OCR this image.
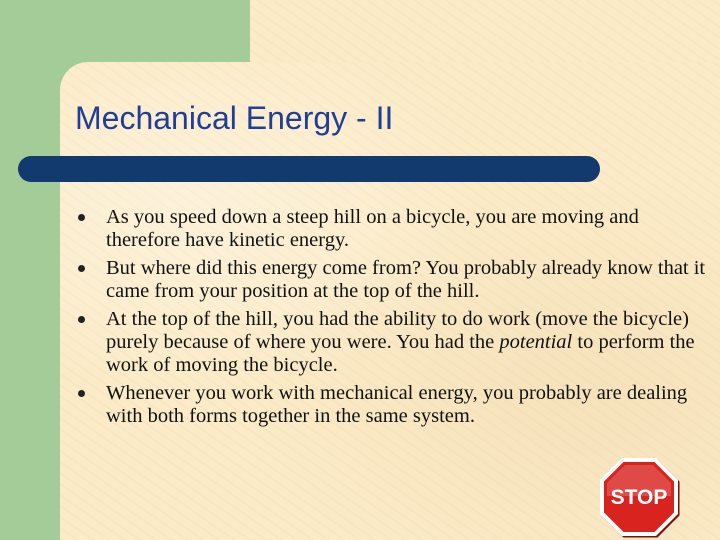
Mechanical Energy - II
As you speed down a steep hill on a bicycle, you are moving and therefore have kinetic energy.
But where did this energy come from? You probably already know that it came from your position at the top of the hill.
At the top of the hill, you had the ability to do work (move the bicycle) purely because of where you were. You had the potential to perform the work of moving the bicycle.
Whenever you work with mechanical energy, you probably are dealing with both forms together in the same system.
STOP
